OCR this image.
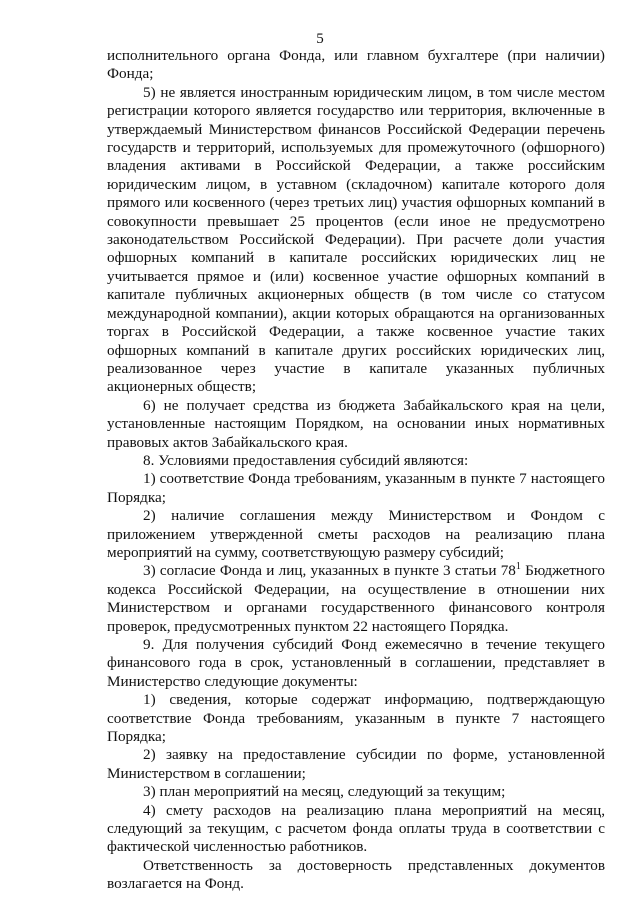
5

исполнительного органа Фонда, или главном бухгалтере (при наличии) Фонда;

5) не является иностранным юридическим лицом, в том числе местом регистрации которого является государство или территория, включенные в утверждаемый Министерством финансов Российской Федерации перечень государств и территорий, используемых для промежуточного (офшорного) владения активами в Российской Федерации, а также российским юридическим лицом, в уставном (складочном) капитале которого доля прямого или косвенного (через третьих лиц) участия офшорных компаний в совокупности превышает 25 процентов (если иное не предусмотрено законодательством Российской Федерации). При расчете доли участия офшорных компаний в капитале российских юридических лиц не учитывается прямое и (или) косвенное участие офшорных компаний в капитале публичных акционерных обществ (в том числе со статусом международной компании), акции которых обращаются на организованных торгах в Российской Федерации, а также косвенное участие таких офшорных компаний в капитале других российских юридических лиц, реализованное через участие в капитале указанных публичных акционерных обществ;

6) не получает средства из бюджета Забайкальского края на цели, установленные настоящим Порядком, на основании иных нормативных правовых актов Забайкальского края.

8. Условиями предоставления субсидий являются:

1) соответствие Фонда требованиям, указанным в пункте 7 настоящего Порядка;

2) наличие соглашения между Министерством и Фондом с приложением утвержденной сметы расходов на реализацию плана мероприятий на сумму, соответствующую размеру субсидий;

3) согласие Фонда и лиц, указанных в пункте 3 статьи $78^1$ Бюджетного кодекса Российской Федерации, на осуществление в отношении них Министерством и органами государственного финансового контроля проверок, предусмотренных пунктом 22 настоящего Порядка.

9. Для получения субсидий Фонд ежемесячно в течение текущего финансового года в срок, установленный в соглашении, представляет в Министерство следующие документы:

1) сведения, которые содержат информацию, подтверждающую соответствие Фонда требованиям, указанным в пункте 7 настоящего Порядка;

2) заявку на предоставление субсидии по форме, установленной Министерством в соглашении;

3) план мероприятий на месяц, следующий за текущим;

4) смету расходов на реализацию плана мероприятий на месяц, следующий за текущим, с расчетом фонда оплаты труда в соответствии с фактической численностью работников.

Ответственность за достоверность представленных документов возлагается на Фонд.
